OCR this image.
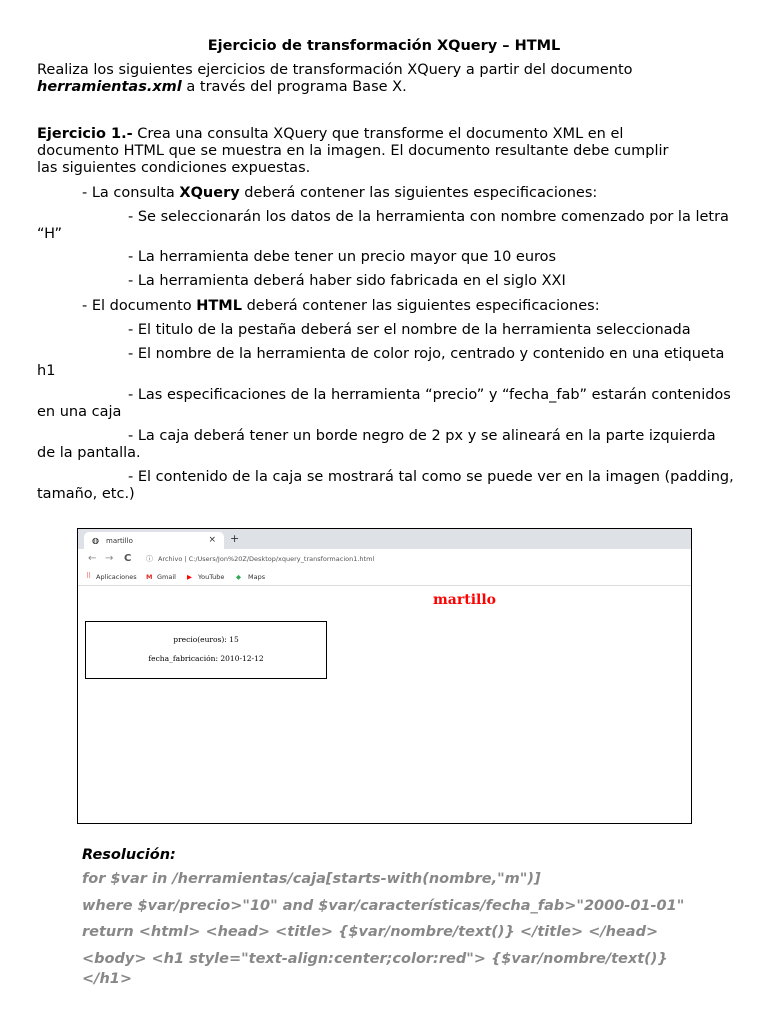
Ejercicio de transformación XQuery – HTML
Realiza los siguientes ejercicios de transformación XQuery a partir del documento
herramientas.xml a través del programa Base X.
Ejercicio 1.- Crea una consulta XQuery que transforme el documento XML en el
documento HTML que se muestra en la imagen. El documento resultante debe cumplir
las siguientes condiciones expuestas.
- La consulta XQuery deberá contener las siguientes especificaciones:
- Se seleccionarán los datos de la herramienta con nombre comenzado por la letra “H”
- La herramienta debe tener un precio mayor que 10 euros
- La herramienta deberá haber sido fabricada en el siglo XXI
- El documento HTML deberá contener las siguientes especificaciones:
- El titulo de la pestaña deberá ser el nombre de la herramienta seleccionada
- El nombre de la herramienta de color rojo, centrado y contenido en una etiqueta h1
- Las especificaciones de la herramienta “precio” y “fecha_fab” estarán contenidos en una caja
- La caja deberá tener un borde negro de 2 px y se alineará en la parte izquierda de la pantalla.
- El contenido de la caja se mostrará tal como se puede ver en la imagen (padding, tamaño, etc.)
◍ martillo	× +
← → C ⓘ Archivo | C:/Users/Jon%20Z/Desktop/xquery_transformacion1.html
⠿ Aplicaciones M Gmail ▶ YouTube ◆ Maps
martillo
precio(euros): 15
fecha_fabricación: 2010-12-12
Resolución:
for $var in /herramientas/caja[starts-with(nombre,"m")]
where $var/precio>"10" and $var/características/fecha_fab>"2000-01-01"
return <html> <head> <title> {$var/nombre/text()} </title> </head>
<body> <h1 style="text-align:center;color:red"> {$var/nombre/text()}
</h1>
